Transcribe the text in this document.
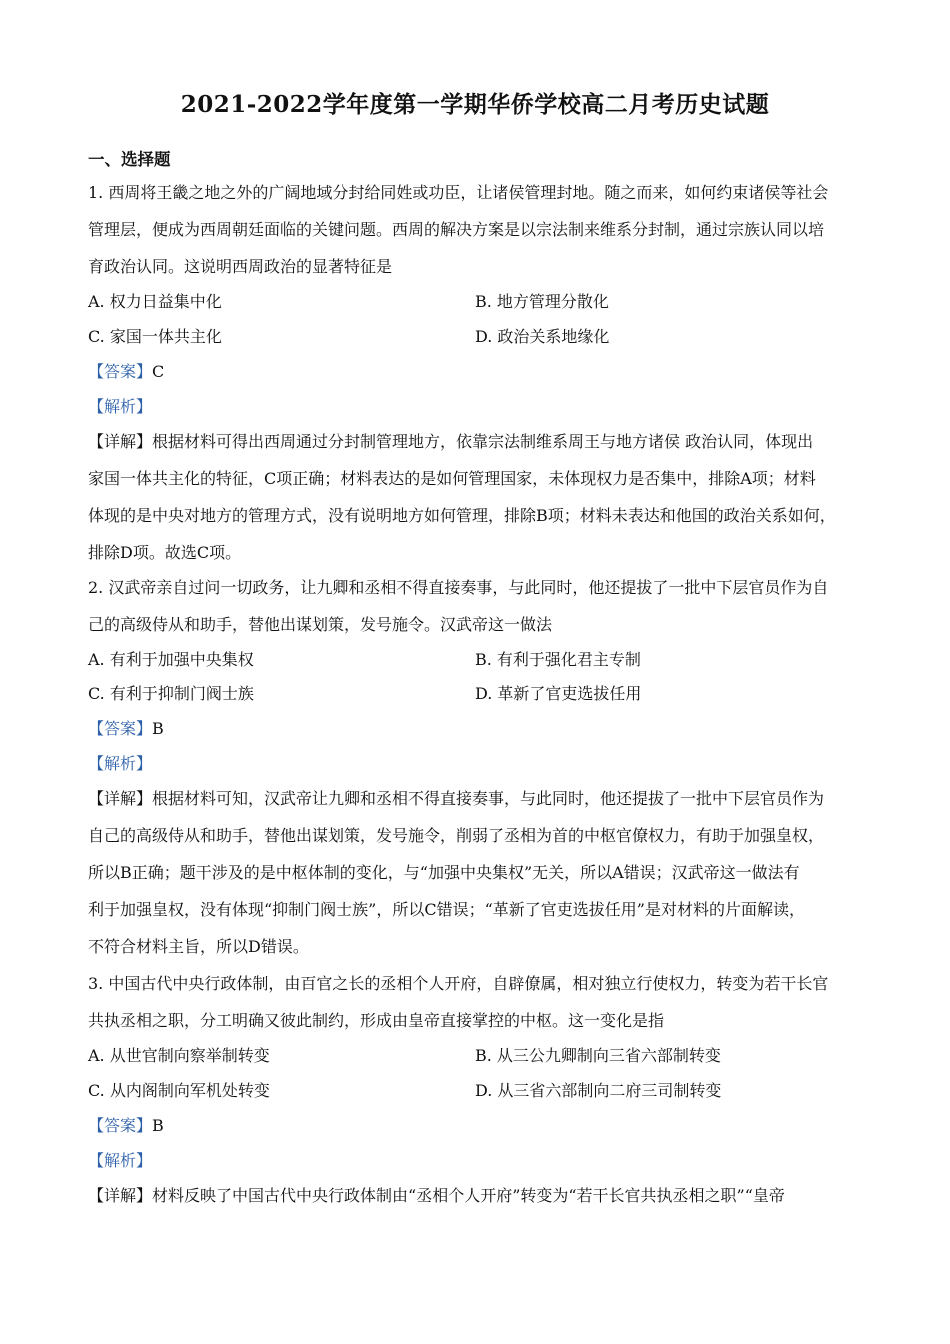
2021-2022学年度第一学期华侨学校高二月考历史试题
一、选择题
1. 西周将王畿之地之外的广阔地域分封给同姓或功臣，让诸侯管理封地。随之而来，如何约束诸侯等社会
管理层，便成为西周朝廷面临的关键问题。西周的解决方案是以宗法制来维系分封制，通过宗族认同以培
育政治认同。这说明西周政治的显著特征是
A. 权力日益集中化	B. 地方管理分散化
C. 家国一体共主化	D. 政治关系地缘化
【答案】C
【解析】
【详解】根据材料可得出西周通过分封制管理地方，依靠宗法制维系周王与地方诸侯 政治认同，体现出
家国一体共主化的特征，C项正确；材料表达的是如何管理国家，未体现权力是否集中，排除A项；材料
体现的是中央对地方的管理方式，没有说明地方如何管理，排除B项；材料未表达和他国的政治关系如何，
排除D项。故选C项。
2. 汉武帝亲自过问一切政务，让九卿和丞相不得直接奏事，与此同时，他还提拔了一批中下层官员作为自
己的高级侍从和助手，替他出谋划策，发号施令。汉武帝这一做法
A. 有利于加强中央集权	B. 有利于强化君主专制
C. 有利于抑制门阀士族	D. 革新了官吏选拔任用
【答案】B
【解析】
【详解】根据材料可知，汉武帝让九卿和丞相不得直接奏事，与此同时，他还提拔了一批中下层官员作为
自己的高级侍从和助手，替他出谋划策，发号施令，削弱了丞相为首的中枢官僚权力，有助于加强皇权，
所以B正确；题干涉及的是中枢体制的变化，与“加强中央集权”无关，所以A错误；汉武帝这一做法有
利于加强皇权，没有体现“抑制门阀士族”，所以C错误；“革新了官吏选拔任用”是对材料的片面解读，
不符合材料主旨，所以D错误。
3. 中国古代中央行政体制，由百官之长的丞相个人开府，自辟僚属，相对独立行使权力，转变为若干长官
共执丞相之职，分工明确又彼此制约，形成由皇帝直接掌控的中枢。这一变化是指
A. 从世官制向察举制转变	B. 从三公九卿制向三省六部制转变
C. 从内阁制向军机处转变	D. 从三省六部制向二府三司制转变
【答案】B
【解析】
【详解】材料反映了中国古代中央行政体制由“丞相个人开府”转变为“若干长官共执丞相之职”“皇帝
